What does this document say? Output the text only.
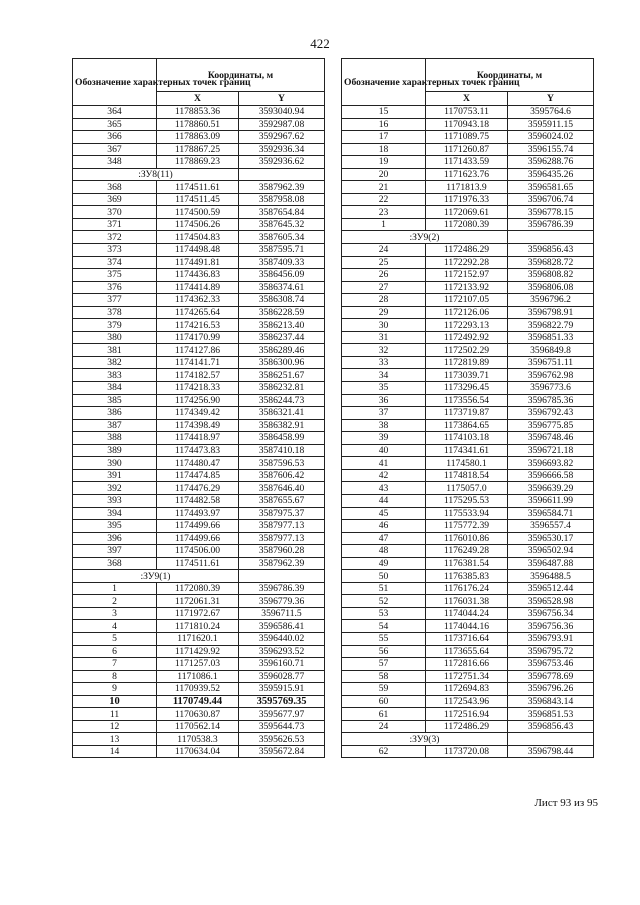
422
Обозначение характерных точек границ	Координаты, м	
	X	Y
364	1178853.36	3593040.94
365	1178860.51	3592987.08
366	1178863.09	3592967.62
367	1178867.25	3592936.34
348	1178869.23	3592936.62
:ЗУ8(11)		
368	1174511.61	3587962.39
369	1174511.45	3587958.08
370	1174500.59	3587654.84
371	1174506.26	3587645.32
372	1174504.83	3587605.34
373	1174498.48	3587595.71
374	1174491.81	3587409.33
375	1174436.83	3586456.09
376	1174414.89	3586374.61
377	1174362.33	3586308.74
378	1174265.64	3586228.59
379	1174216.53	3586213.40
380	1174170.99	3586237.44
381	1174127.86	3586289.46
382	1174141.71	3586300.96
383	1174182.57	3586251.67
384	1174218.33	3586232.81
385	1174256.90	3586244.73
386	1174349.42	3586321.41
387	1174398.49	3586382.91
388	1174418.97	3586458.99
389	1174473.83	3587410.18
390	1174480.47	3587596.53
391	1174474.85	3587606.42
392	1174476.29	3587646.40
393	1174482.58	3587655.67
394	1174493.97	3587975.37
395	1174499.66	3587977.13
396	1174499.66	3587977.13
397	1174506.00	3587960.28
368	1174511.61	3587962.39
:ЗУ9(1)		
1	1172080.39	3596786.39
2	1172061.31	3596779.36
3	1171972.67	3596711.5
4	1171810.24	3596586.41
5	1171620.1	3596440.02
6	1171429.92	3596293.52
7	1171257.03	3596160.71
8	1171086.1	3596028.77
9	1170939.52	3595915.91
10	1170749.44	3595769.35
11	1170630.87	3595677.97
12	1170562.14	3595644.73
13	1170538.3	3595626.53
14	1170634.04	3595672.84
Обозначение характерных точек границ	Координаты, м	
	X	Y
15	1170753.11	3595764.6
16	1170943.18	3595911.15
17	1171089.75	3596024.02
18	1171260.87	3596155.74
19	1171433.59	3596288.76
20	1171623.76	3596435.26
21	1171813.9	3596581.65
22	1171976.33	3596706.74
23	1172069.61	3596778.15
1	1172080.39	3596786.39
:ЗУ9(2)		
24	1172486.29	3596856.43
25	1172292.28	3596828.72
26	1172152.97	3596808.82
27	1172133.92	3596806.08
28	1172107.05	3596796.2
29	1172126.06	3596798.91
30	1172293.13	3596822.79
31	1172492.92	3596851.33
32	1172502.29	3596849.8
33	1172819.89	3596751.11
34	1173039.71	3596762.98
35	1173296.45	3596773.6
36	1173556.54	3596785.36
37	1173719.87	3596792.43
38	1173864.65	3596775.85
39	1174103.18	3596748.46
40	1174341.61	3596721.18
41	1174580.1	3596693.82
42	1174818.54	3596666.58
43	1175057.0	3596639.29
44	1175295.53	3596611.99
45	1175533.94	3596584.71
46	1175772.39	3596557.4
47	1176010.86	3596530.17
48	1176249.28	3596502.94
49	1176381.54	3596487.88
50	1176385.83	3596488.5
51	1176176.24	3596512.44
52	1176031.38	3596528.98
53	1174044.24	3596756.34
54	1174044.16	3596756.36
55	1173716.64	3596793.91
56	1173655.64	3596795.72
57	1172816.66	3596753.46
58	1172751.34	3596778.69
59	1172694.83	3596796.26
60	1172543.96	3596843.14
61	1172516.94	3596851.53
24	1172486.29	3596856.43
:ЗУ9(3)		
62	1173720.08	3596798.44
Лист 93 из 95
